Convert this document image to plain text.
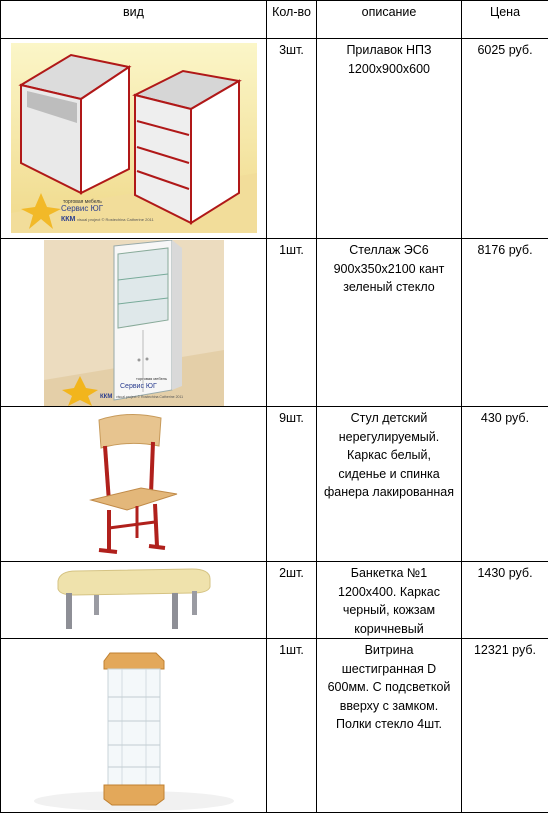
вид	Кол-во	описание	Цена

торговая мебель
Сервис ЮГ
ККМ visual project © Rostechina Catherine 2011	3шт.	Прилавок НПЗ 1200х900х600	6025 руб.

торговая мебель
Сервис ЮГ
ККМ visual project © Rostechina Catherine 2011	1шт.	Стеллаж ЭС6 900х350х2100 кант зеленый стекло	8176 руб.

9шт.	Стул детский нерегулируемый. Каркас белый, сиденье и спинка фанера лакированная	430 руб.

2шт.	Банкетка №1 1200х400. Каркас черный, кожзам коричневый	1430 руб.

1шт.	Витрина шестигранная D 600мм. С подсветкой вверху с замком. Полки стекло 4шт.	12321 руб.
